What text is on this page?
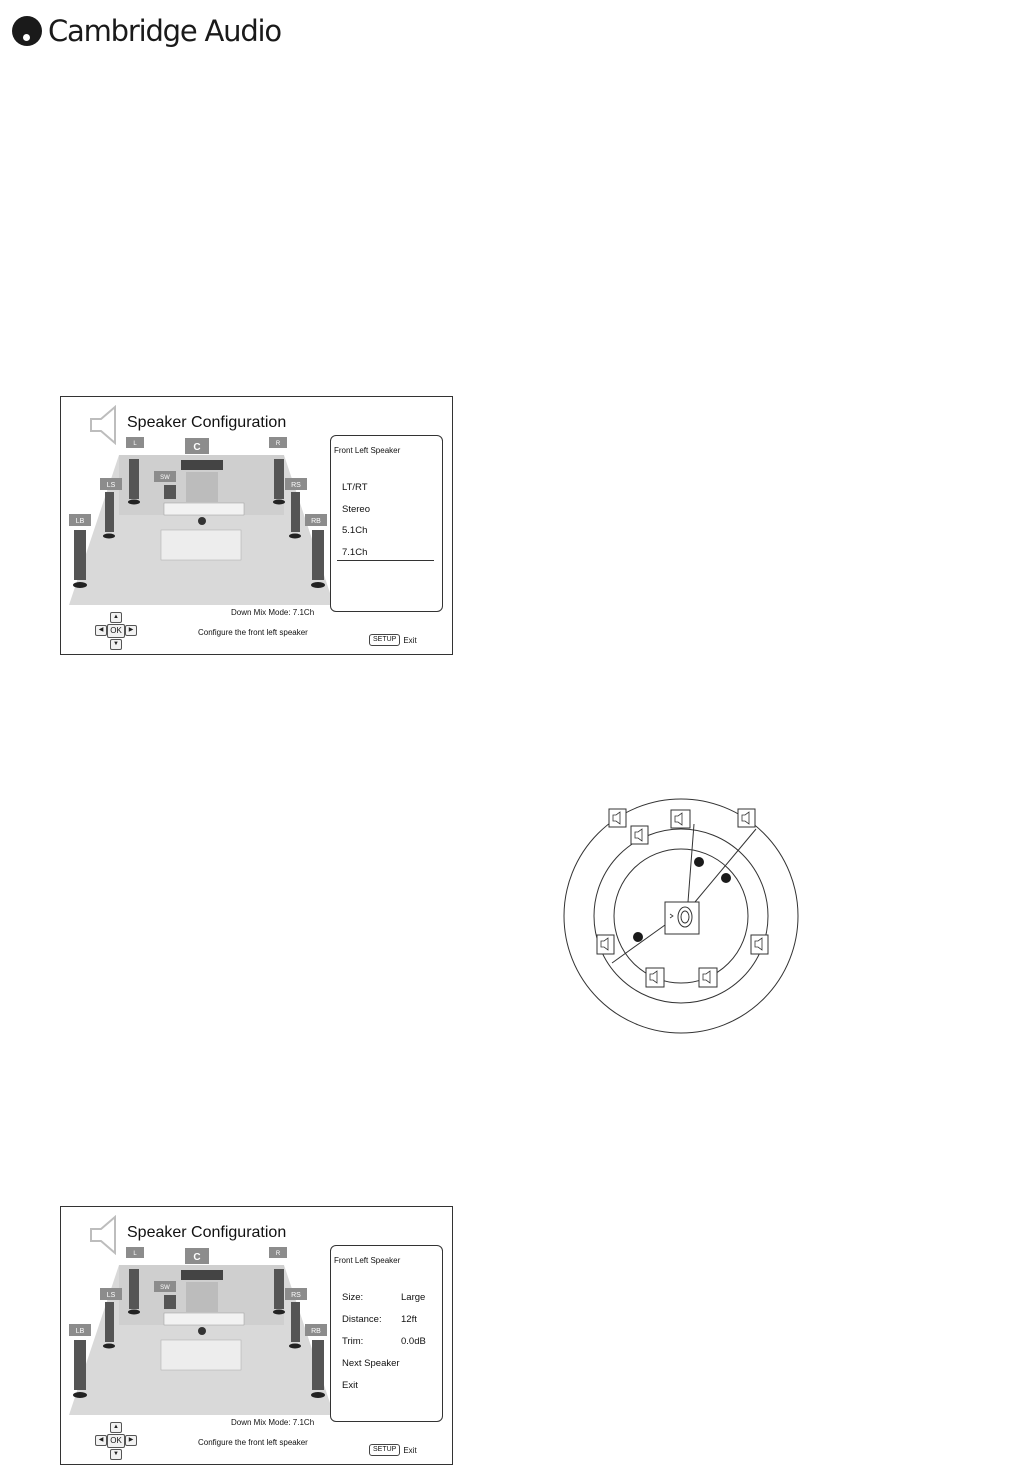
Cambridge Audio
Speaker Configuration
L	C	R
SW
LS	RS
LB	RB
Front Left Speaker
LT/RT
Stereo
5.1Ch
7.1Ch
Down Mix Mode: 7.1Ch
▲
◀ OK	▶
▼
Configure the front left speaker
SETUP Exit
Speaker Configuration
L	C	R
SW
LS	RS
LB	RB
Front Left Speaker
Size:	Large
Distance:	12ft
Trim:	0.0dB
Next Speaker
Exit
Down Mix Mode: 7.1Ch
▲
◀ OK	▶
▼
Configure the front left speaker
SETUP Exit
